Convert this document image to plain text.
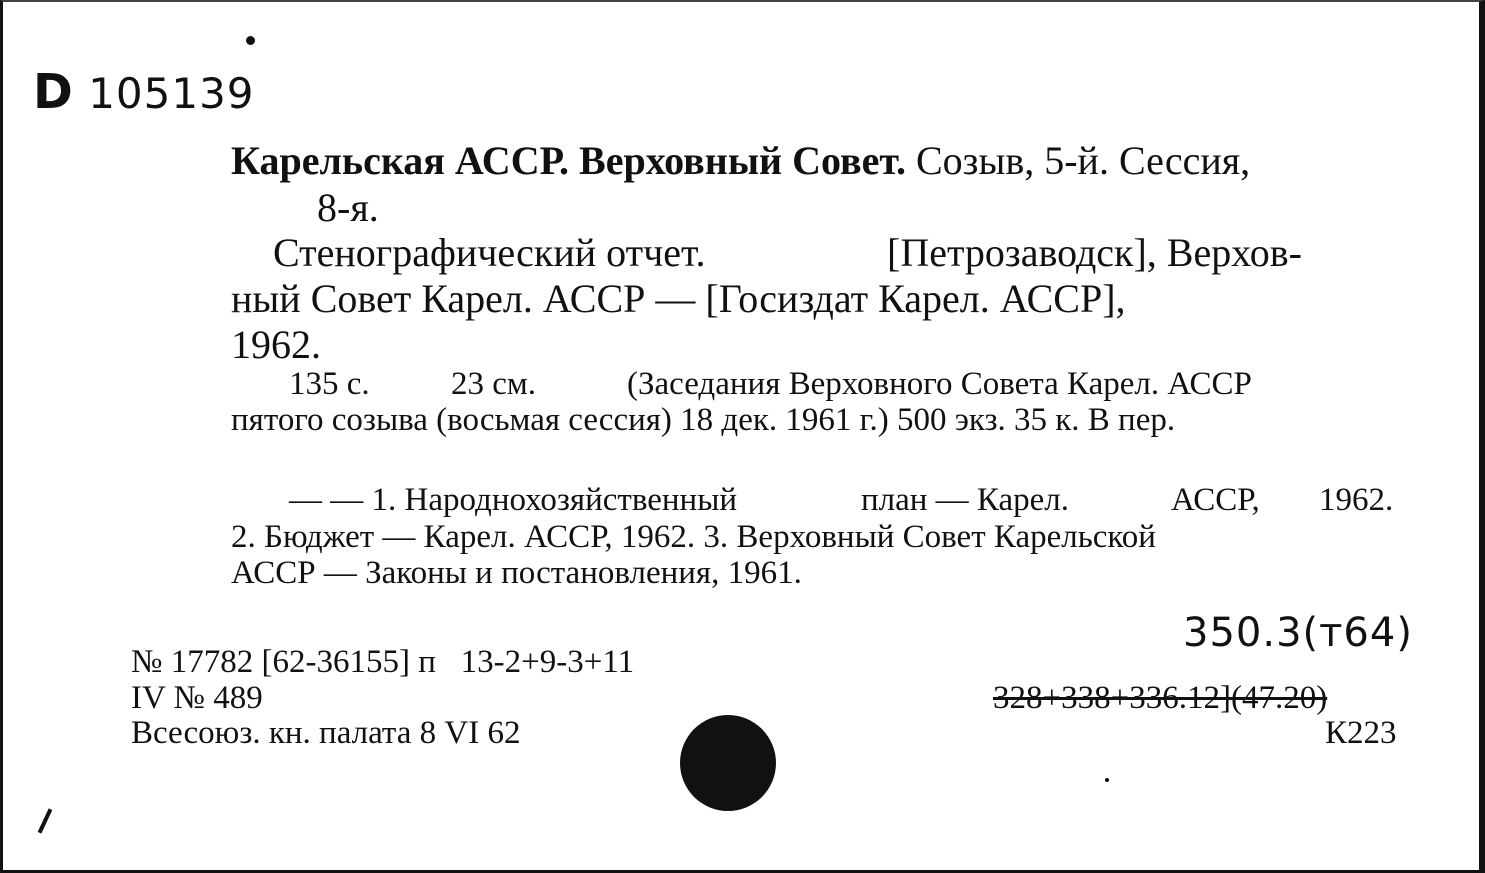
D 105139
Карельская АССР. Верховный Совет. Созыв, 5-й. Сессия,
8-я.
Стенографический отчет.	[Петрозаводск], Верхов-
ный Совет Карел. АССР — [Госиздат Карел. АССР],
1962.
135 с. 23 см.	(Заседания Верховного Совета Карел. АССР
пятого созыва (восьмая сессия) 18 дек. 1961 г.) 500 экз. 35 к. В пер.
— — 1. Народнохозяйственный	план — Карел.	АССР, 1962.
2. Бюджет — Карел. АССР, 1962. 3. Верховный Совет Карельской
АССР — Законы и постановления, 1961.
№ 17782 [62-36155] п   13-2+9-3+11
IV № 489
Всесоюз. кн. палата 8 VI 62
350.3(т64)
328+338+336.12](47.20)
К223
